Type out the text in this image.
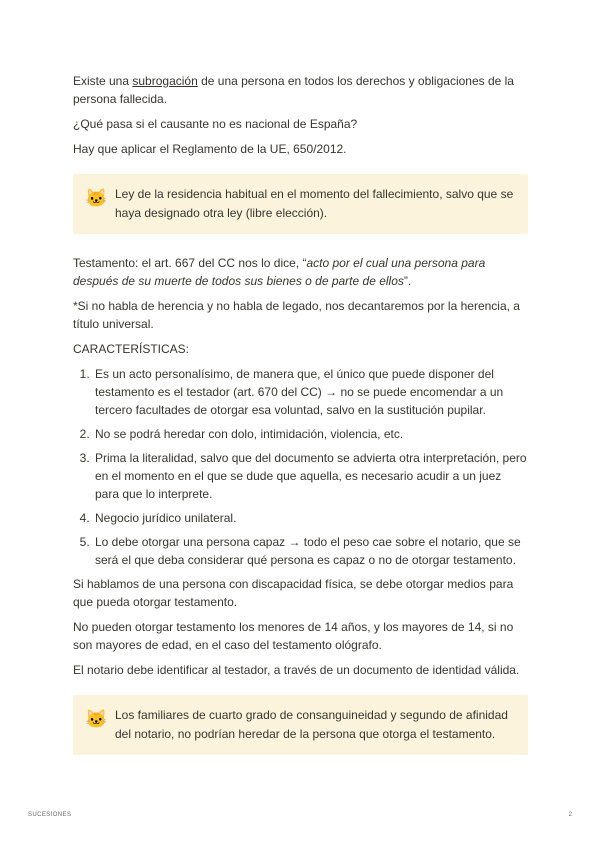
Existe una subrogación de una persona en todos los derechos y obligaciones de la persona fallecida.

¿Qué pasa si el causante no es nacional de España?

Hay que aplicar el Reglamento de la UE, 650/2012.

🐱 Ley de la residencia habitual en el momento del fallecimiento, salvo que se haya designado otra ley (libre elección).

Testamento: el art. 667 del CC nos lo dice, “acto por el cual una persona para después de su muerte de todos sus bienes o de parte de ellos”.

*Si no habla de herencia y no habla de legado, nos decantaremos por la herencia, a título universal.

CARACTERÍSTICAS:

1. Es un acto personalísimo, de manera que, el único que puede disponer del testamento es el testador (art. 670 del CC) → no se puede encomendar a un tercero facultades de otorgar esa voluntad, salvo en la sustitución pupilar.
2. No se podrá heredar con dolo, intimidación, violencia, etc.
3. Prima la literalidad, salvo que del documento se advierta otra interpretación, pero en el momento en el que se dude que aquella, es necesario acudir a un juez para que lo interprete.
4. Negocio jurídico unilateral.
5. Lo debe otorgar una persona capaz → todo el peso cae sobre el notario, que se será el que deba considerar qué persona es capaz o no de otorgar testamento.

Si hablamos de una persona con discapacidad física, se debe otorgar medios para que pueda otorgar testamento.

No pueden otorgar testamento los menores de 14 años, y los mayores de 14, si no son mayores de edad, en el caso del testamento ológrafo.

El notario debe identificar al testador, a través de un documento de identidad válida.

🐱 Los familiares de cuarto grado de consanguineidad y segundo de afinidad del notario, no podrían heredar de la persona que otorga el testamento.
SUCESIONES	2
